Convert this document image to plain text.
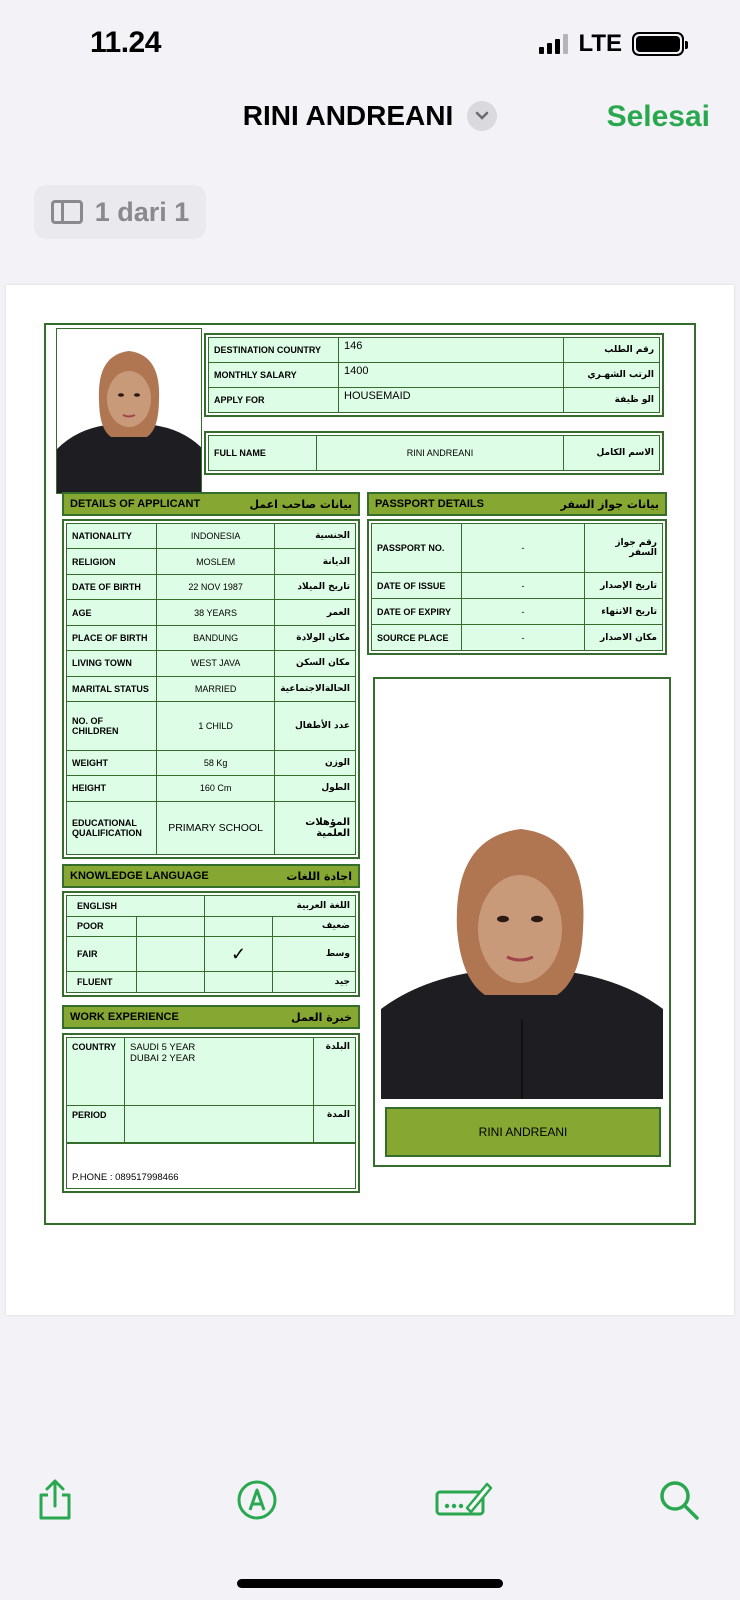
11.24	LTE
RINI ANDREANI	Selesai
1 dari 1
DESTINATION COUNTRY	146	رقم الطلب
MONTHLY SALARY	1400	الرتب الشهـري
APPLY FOR	HOUSEMAID	الو ظيفة
FULL NAME	RINI ANDREANI	الاسم الكامل
DETAILS OF APPLICANT	بيانات صاحب اعمل
NATIONALITY	INDONESIA	الجنسية
RELIGION	MOSLEM	الديانة
DATE OF BIRTH	22 NOV 1987	تاريخ الميلاد
AGE	38 YEARS	العمر
PLACE OF BIRTH	BANDUNG	مكان الولادة
LIVING TOWN	WEST JAVA	مكان السكن
MARITAL STATUS	MARRIED	الحالةالاجتماعية
NO. OF CHILDREN	1 CHILD	عدد الأطفال
WEIGHT	58 Kg	الوزن
HEIGHT	160 Cm	الطول
EDUCATIONAL QUALIFICATION	PRIMARY SCHOOL	المؤهلات العلمية
PASSPORT DETAILS	بيانات جواز السفر
PASSPORT NO.	-	رقم جواز السفر
DATE OF ISSUE	-	تاريخ الإصدار
DATE OF EXPIRY	-	تاريخ الانتهاء
SOURCE PLACE	-	مكان الاصدار
RINI ANDREANI
KNOWLEDGE LANGUAGE	اجادة اللغات
ENGLISH		اللغة العربية	
POOR			ضعيف
FAIR		✓	وسط
FLUENT			جيد
WORK EXPERIENCE	خبرة العمل
COUNTRY	SAUDI 5 YEAR
DUBAI 2 YEAR	البلدة
PERIOD		المدة
P.HONE : 089517998466
